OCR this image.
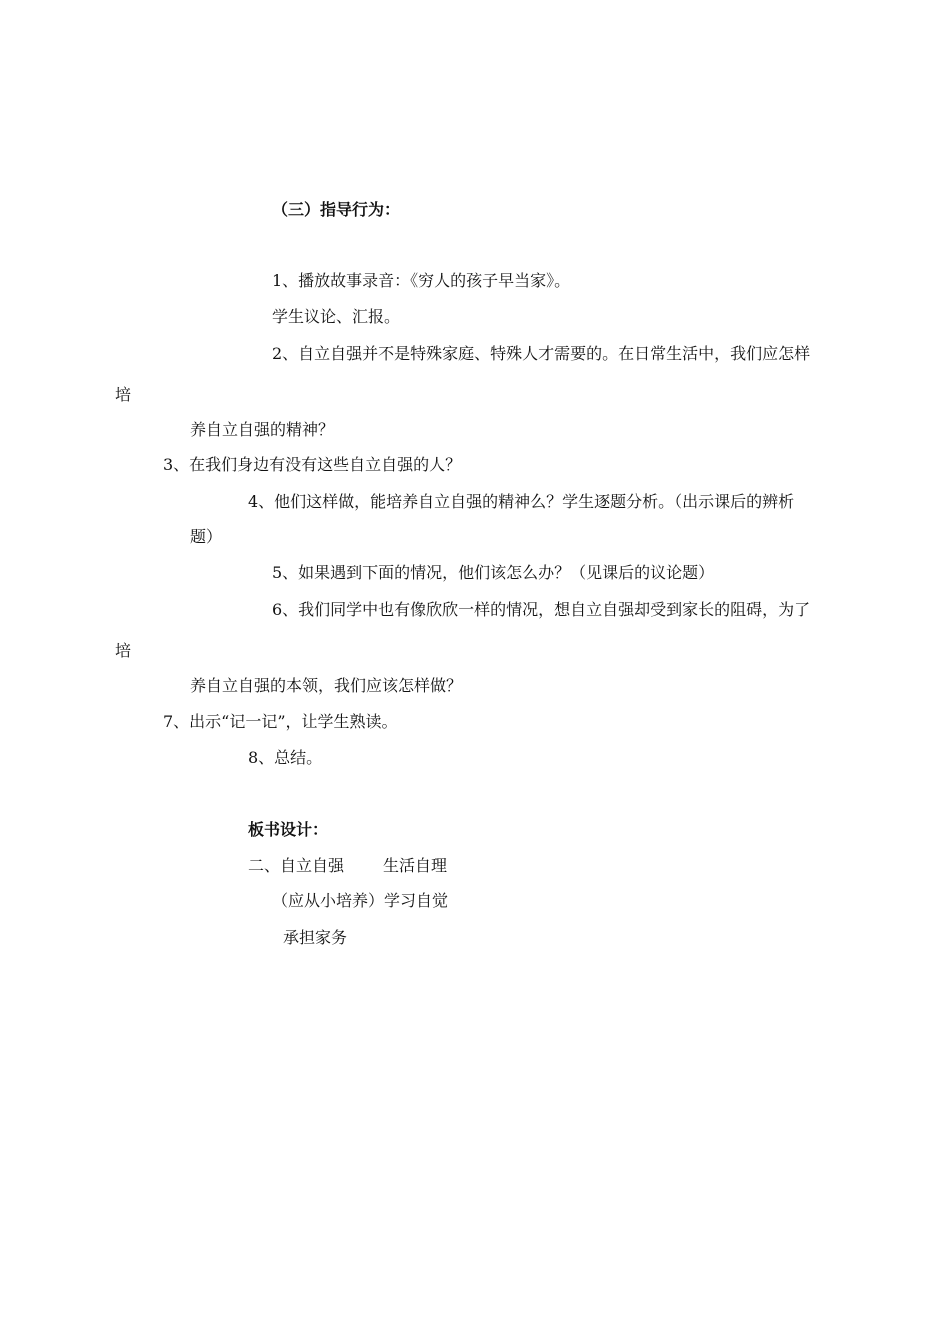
（三）指导行为：
1、播放故事录音：《穷人的孩子早当家》。
学生议论、汇报。
2、自立自强并不是特殊家庭、特殊人才需要的。在日常生活中，我们应怎样
培
养自立自强的精神？
3、在我们身边有没有这些自立自强的人？
4、他们这样做，能培养自立自强的精神么？学生逐题分析。（出示课后的辨析
题）
5、如果遇到下面的情况，他们该怎么办？（见课后的议论题）
6、我们同学中也有像欣欣一样的情况，想自立自强却受到家长的阻碍，为了
培
养自立自强的本领，我们应该怎样做？
7、出示“记一记”，让学生熟读。
8、总结。
板书设计：
二、自立自强 生活自理
（应从小培养）学习自觉
承担家务
